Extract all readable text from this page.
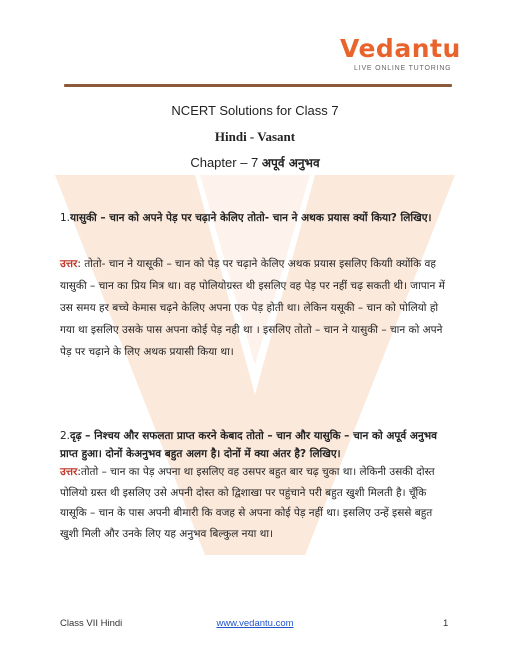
Vedantu
LIVE ONLINE TUTORING
NCERT Solutions for Class 7
Hindi - Vasant
Chapter – 7 अपूर्व अनुभव
1.यासुकी – चान को अपने पेड़ पर चढ़ाने केलिए तोतो- चान ने अथक प्रयास क्यों किया? लिखिए।
उत्तर: तोतो- चान ने यासूकी – चान को पेड़ पर चढ़ाने केलिए अथक प्रयास इसलिए कियाी क्योंकि वह यासुकी – चान का प्रिय मित्र था। वह पोलियोग्रस्त थी इसलिए वह पेड़ पर नहीं चढ़ सकती थी। जापान में उस समय हर बच्चे केमास चढ़ने केलिए अपना एक पेड़ होती था। लेकिन यसूकी – चान को पोलियो हो गया था इसलिए उसके पास अपना कोई पेड़ नही था । इसलिए तोतो – चान ने यासुकी – चान को अपने पेड़ पर चढ़ाने के लिए अथक प्रयासी किया था।
2.दृढ़ – निश्चय और सफलता प्राप्त करने केबाद तोतो – चान और यासुकि – चान को अपूर्व अनुभव प्राप्त हुआ। दोनों केअनुभव बहुत अलग है। दोनों में क्या अंतर है? लिखिए।
उत्तर:तोतो – चान का पेड़ अपना था इसलिए वह उसपर बहुत बार चढ़ चुका था। लेकिनी उसकी दोस्त पोलियो ग्रस्त थी इसलिए उसे अपनी दोस्त को द्विशाखा पर पहुंचाने परी बहुत खुशी मिलती है। चूँकि यासूकि – चान के पास अपनी बीमारी कि वजह से अपना कोई पेड़ नहीं था। इसलिए उन्हें इससे बहुत खुशी मिली और उनके लिए यह अनुभव बिल्कुल नया था।
Class VII Hindi	www.vedantu.com	1
